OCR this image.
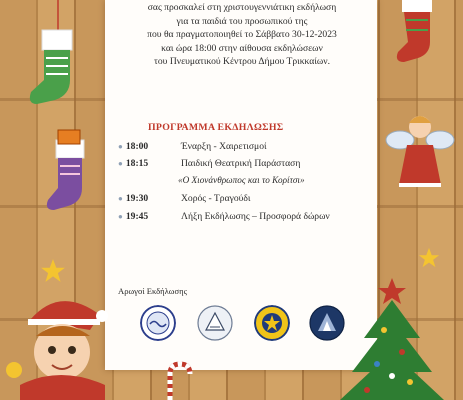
σας προσκαλεί στη χριστουγεννιάτικη εκδήλωση
για τα παιδιά του προσωπικού της
που θα πραγματοποιηθεί το Σάββατο 30-12-2023
και ώρα 18:00 στην αίθουσα εκδηλώσεων
του Πνευματικού Κέντρου Δήμου Τρικκαίων.
ΠΡΟΓΡΑΜΜΑ ΕΚΔΗΛΩΣΗΣ
● 18:00	Έναρξη - Χαιρετισμοί
● 18:15	Παιδική Θεατρική Παράσταση
«Ο Χιονάνθρωπος και το Κορίτσι»
● 19:30	Χορός - Τραγούδι
● 19:45	Λήξη Εκδήλωσης – Προσφορά δώρων
Αρωγοί Εκδήλωσης
